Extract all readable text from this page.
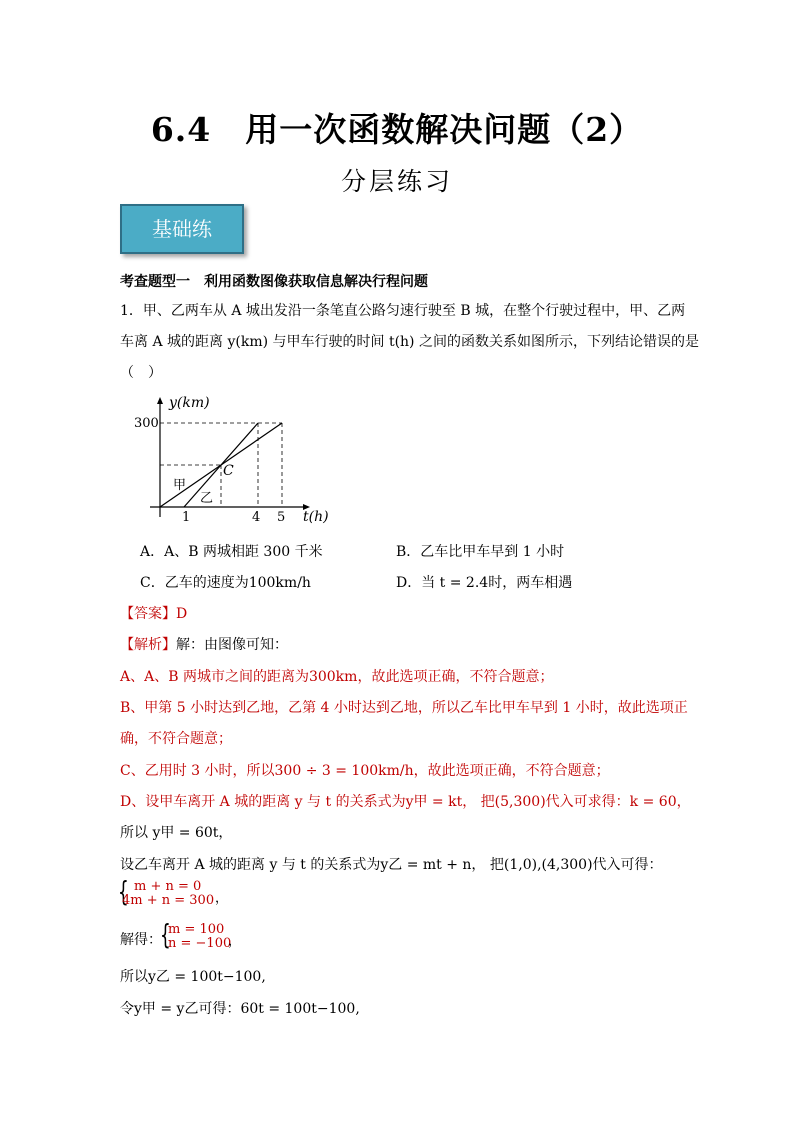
6.4　用一次函数解决问题（2）
分层练习
基础练
考查题型一　利用函数图像获取信息解决行程问题
1．甲、乙两车从 A 城出发沿一条笔直公路匀速行驶至 B 城，在整个行驶过程中，甲、乙两
车离 A 城的距离 y(km) 与甲车行驶的时间 t(h) 之间的函数关系如图所示，下列结论错误的是
（　）
y(km)
300
1	4 5 t(h)
C
甲
乙
A．A、B 两城相距 300 千米	B．乙车比甲车早到 1 小时
C．乙车的速度为100km/h	D．当 t = 2.4时，两车相遇
【答案】D
【解析】解：由图像可知：
A、A、B 两城市之间的距离为300km，故此选项正确，不符合题意；
B、甲第 5 小时达到乙地，乙第 4 小时达到乙地，所以乙车比甲车早到 1 小时，故此选项正
确，不符合题意；
C、乙用时 3 小时，所以300 ÷ 3 = 100km/h，故此选项正确，不符合题意；
D、设甲车离开 A 城的距离 y 与 t 的关系式为y甲 = kt， 把(5,300)代入可求得：k = 60，
所以 y甲 = 60t，
设乙车离开 A 城的距离 y 与 t 的关系式为y乙 = mt + n， 把(1,0),(4,300)代入可得：
{ m + n = 0
4m + n = 300 ，
解得：
{
m = 100
n = −100
，
所以y乙 = 100t−100,
令y甲 = y乙可得：60t = 100t−100,
